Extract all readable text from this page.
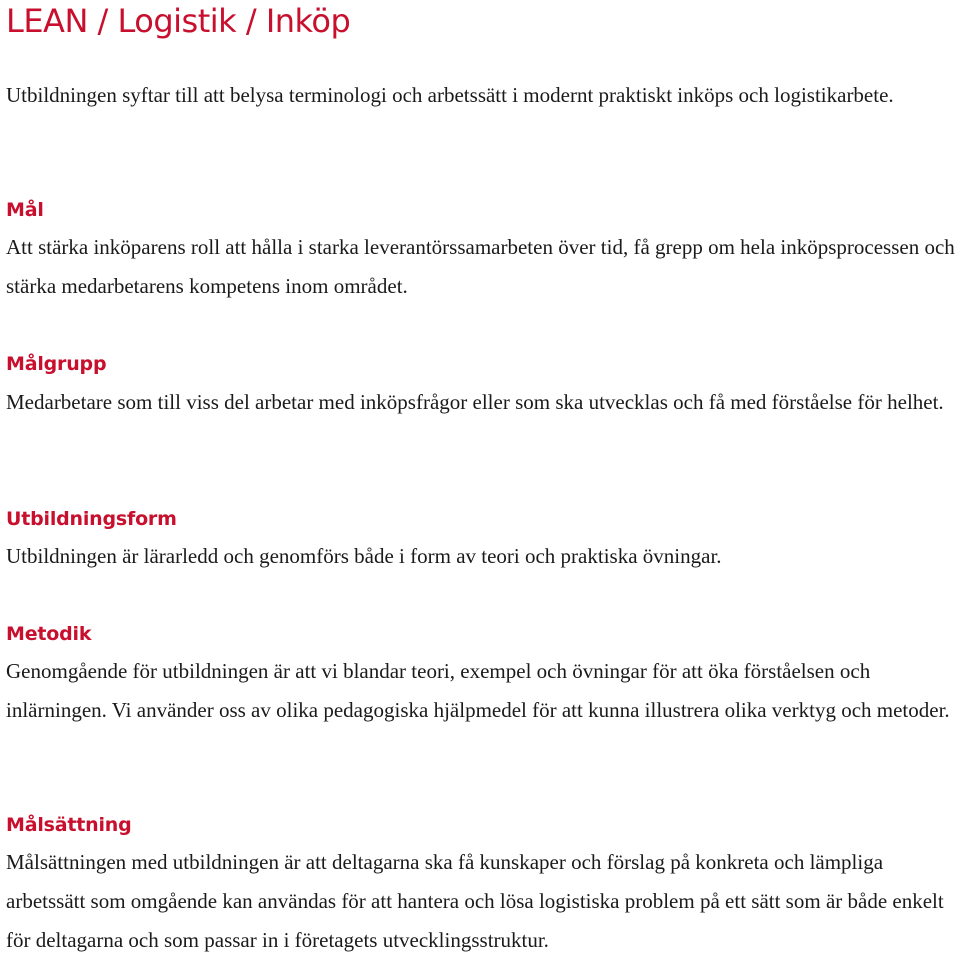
LEAN / Logistik / Inköp

Utbildningen syftar till att belysa terminologi och arbetssätt i modernt praktiskt inköps och logistikarbete.

Mål

Att stärka inköparens roll att hålla i starka leverantörssamarbeten över tid, få grepp om hela inköpsprocessen och stärka medarbetarens kompetens inom området.

Målgrupp

Medarbetare som till viss del arbetar med inköpsfrågor eller som ska utvecklas och få med förståelse för helhet.

Utbildningsform

Utbildningen är lärarledd och genomförs både i form av teori och praktiska övningar.

Metodik

Genomgående för utbildningen är att vi blandar teori, exempel och övningar för att öka förståelsen och inlärningen. Vi använder oss av olika pedagogiska hjälpmedel för att kunna illustrera olika verktyg och metoder.

Målsättning

Målsättningen med utbildningen är att deltagarna ska få kunskaper och förslag på konkreta och lämpliga arbetssätt som omgående kan användas för att hantera och lösa logistiska problem på ett sätt som är både enkelt för deltagarna och som passar in i företagets utvecklingsstruktur.
